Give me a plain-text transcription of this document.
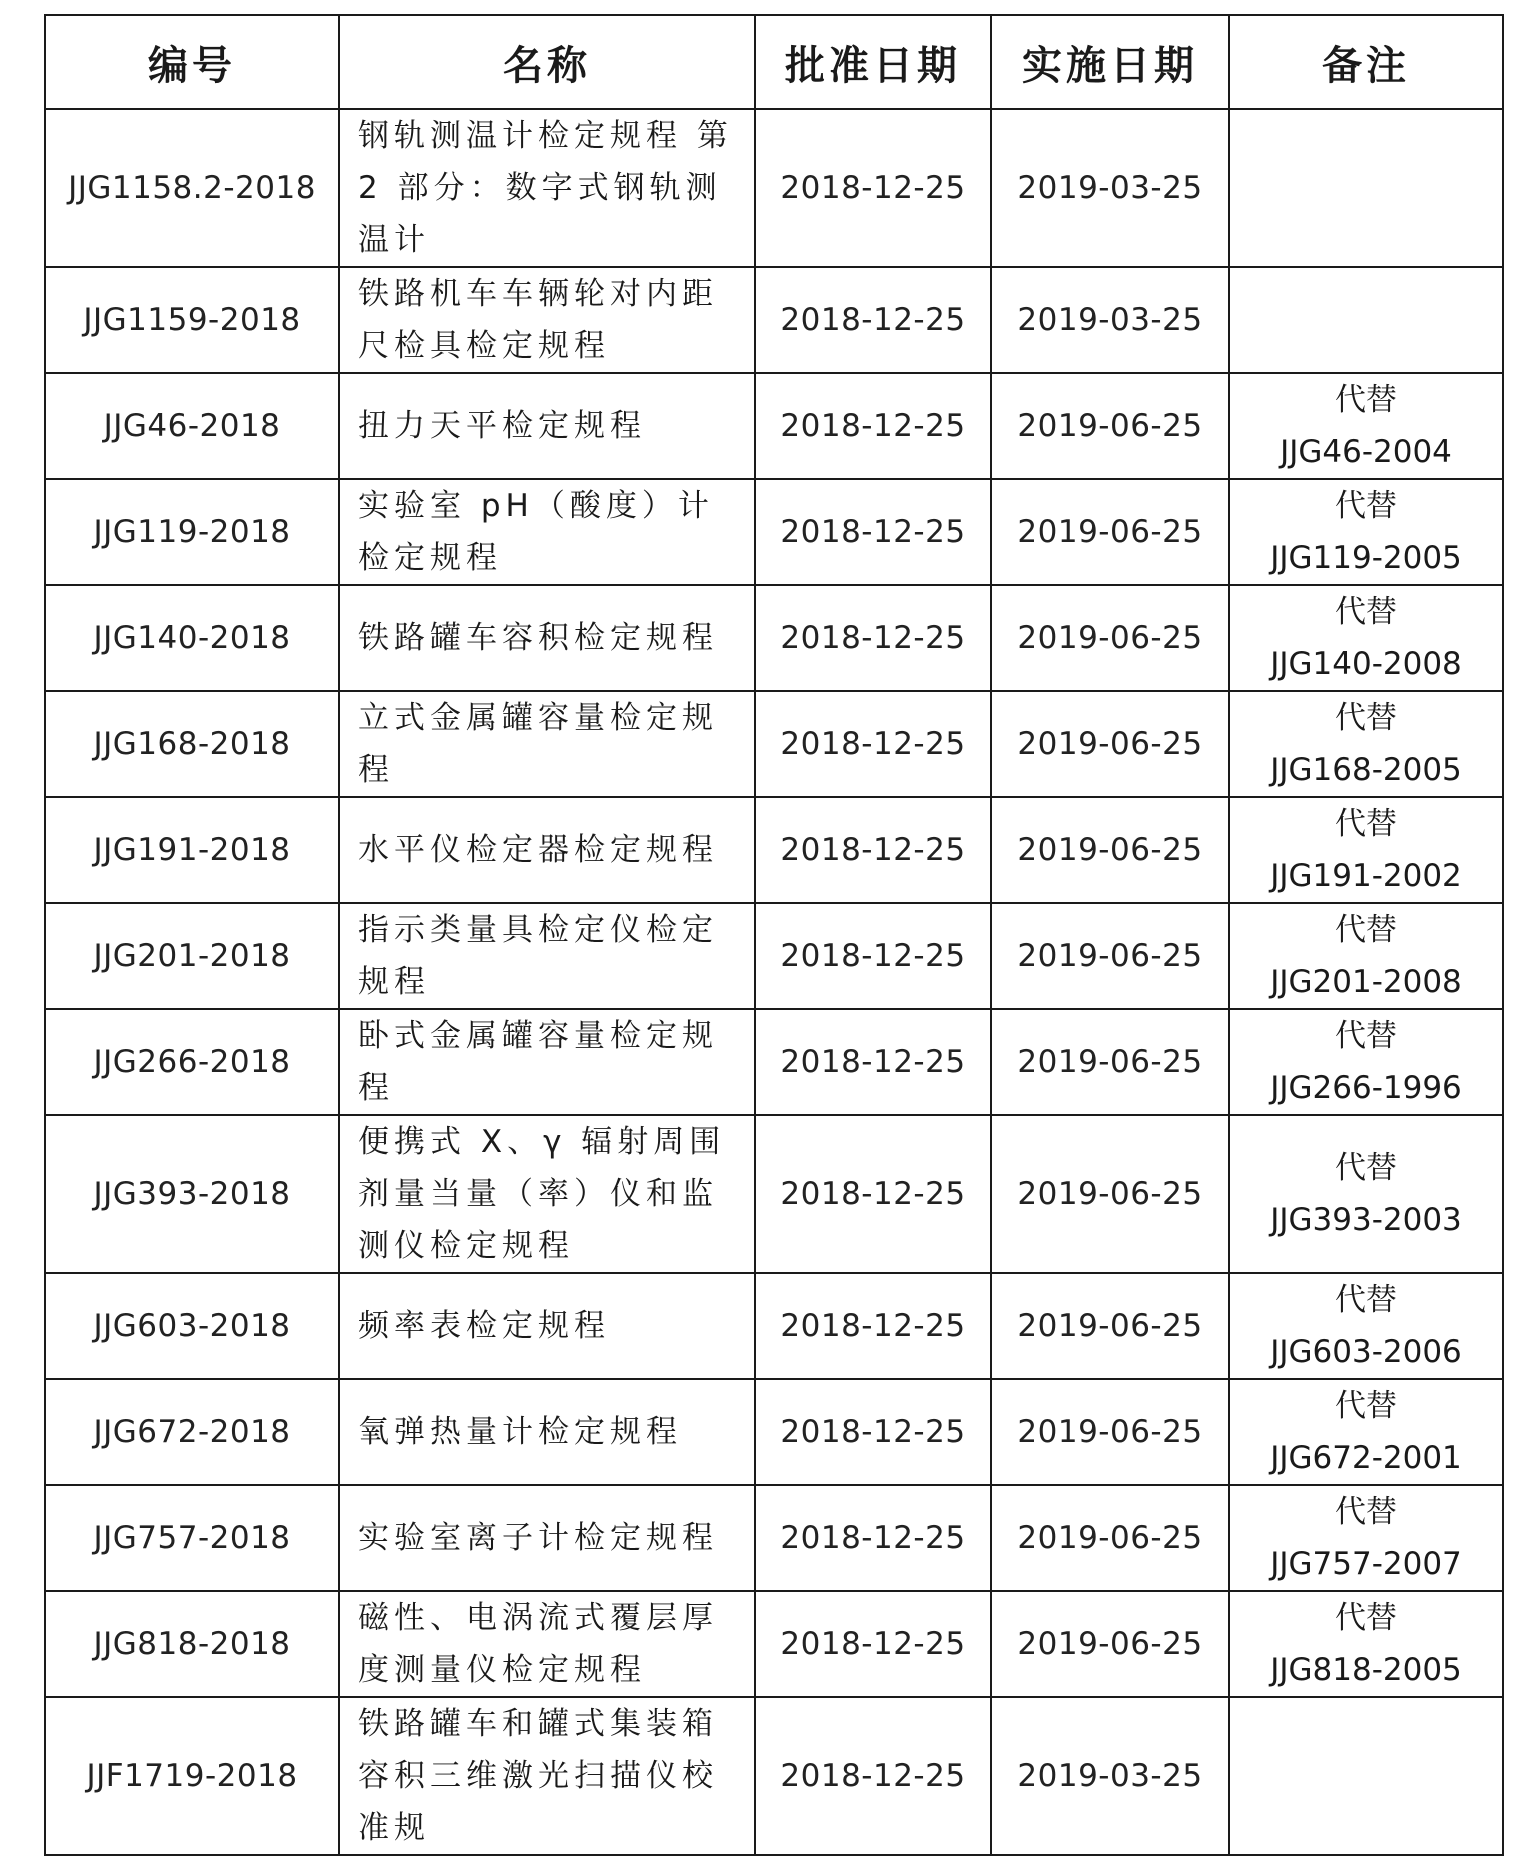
编号	名称	批准日期	实施日期	备注
JJG1158.2-2018	钢轨测温计检定规程 第 2 部分：数字式钢轨测温计	2018-12-25	2019-03-25	

JJG1159-2018	铁路机车车辆轮对内距尺检具检定规程	2018-12-25	2019-03-25	

JJG46-2018	扭力天平检定规程	2018-12-25	2019-06-25	代替
JJG46-2004

JJG119-2018	实验室 pH（酸度）计检定规程	2018-12-25	2019-06-25	代替
JJG119-2005

JJG140-2018	铁路罐车容积检定规程	2018-12-25	2019-06-25	代替
JJG140-2008

JJG168-2018	立式金属罐容量检定规程	2018-12-25	2019-06-25	代替
JJG168-2005

JJG191-2018	水平仪检定器检定规程	2018-12-25	2019-06-25	代替
JJG191-2002

JJG201-2018	指示类量具检定仪检定规程	2018-12-25	2019-06-25	代替
JJG201-2008

JJG266-2018	卧式金属罐容量检定规程	2018-12-25	2019-06-25	代替
JJG266-1996

JJG393-2018	便携式 X、γ 辐射周围剂量当量（率）仪和监测仪检定规程	2018-12-25	2019-06-25	代替
JJG393-2003

JJG603-2018	频率表检定规程	2018-12-25	2019-06-25	代替
JJG603-2006

JJG672-2018	氧弹热量计检定规程	2018-12-25	2019-06-25	代替
JJG672-2001

JJG757-2018	实验室离子计检定规程	2018-12-25	2019-06-25	代替
JJG757-2007

JJG818-2018	磁性、电涡流式覆层厚度测量仪检定规程	2018-12-25	2019-06-25	代替
JJG818-2005

JJF1719-2018	铁路罐车和罐式集装箱容积三维激光扫描仪校准规	2018-12-25	2019-03-25	
